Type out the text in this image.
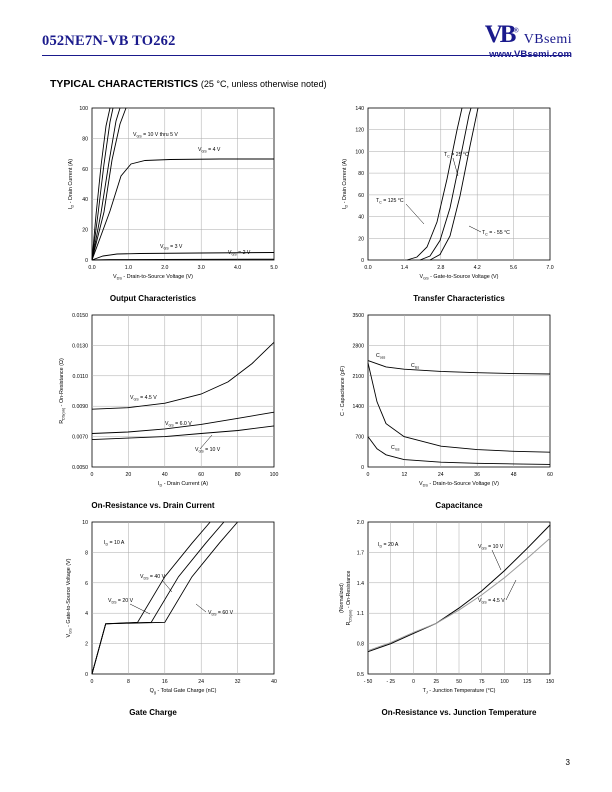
052NE7N-VB TO262	VB®
VBsemi
www.VBsemi.com
TYPICAL CHARACTERISTICS (25 °C, unless otherwise noted)
$V_{GS} = 10$ V thru 5 V
$V_{GS} = 4$ V
$V_{GS} = 3$ V
$V_{GS} = 2$ V
0.0	1.0	2.0	3.0	4.0	5.0
0
20
40
60
80
100
$V_{DS}$ - Drain-to-Source Voltage (V)
$I_D$ - Drain Current (A)
Output Characteristics
$T_C = 25$ °C
$T_C = 125$ °C
$T_C$ = - 55 °C
0.0	1.4	2.8	4.2	5.6	7.0
0
20
40
60
80
100
120
140
$V_{GS}$ - Gate-to-Source Voltage (V)
$I_D$ - Drain Current (A)
Transfer Characteristics
$V_{GS} = 4.5$ V
$V_{GS} = 6.0$ V
$V_{GS} = 10$ V
0	20	40	60	80	100
0.0050
0.0070
0.0090
0.0110
0.0130
0.0150
$I_D$ - Drain Current (A)
$R_{DS(on)}$ - On-Resistance (Ω)
On-Resistance vs. Drain Current
$C_{oss}$
$C_{iss}$
$C_{rss}$
0	12	24	36	48	60
0
700
1400
2100
2800
3500
$V_{DS}$ - Drain-to-Source Voltage (V)
C - Capacitance (pF)
Capacitance
$I_D = 10$ A
$V_{DS} = 40$ V
$V_{DS} = 20$ V
$V_{DS} = 60$ V
0	8	16	24	32	40
0
2
4
6
8
10
$Q_g$ - Total Gate Charge (nC)
$V_{GS}$ - Gate-to-Source Voltage (V)
Gate Charge
$I_D = 20$ A	$V_{GS} = 10$ V
$V_{GS} = 4.5$ V
- 50	- 25	0	25	50	75	100	125	150
0.5
0.8
1.1
1.4
1.7
2.0
$T_J$ - Junction Temperature (°C)
$R_{DS(on)}$ - On-Resistance
(Normalized)
On-Resistance vs. Junction Temperature
3
